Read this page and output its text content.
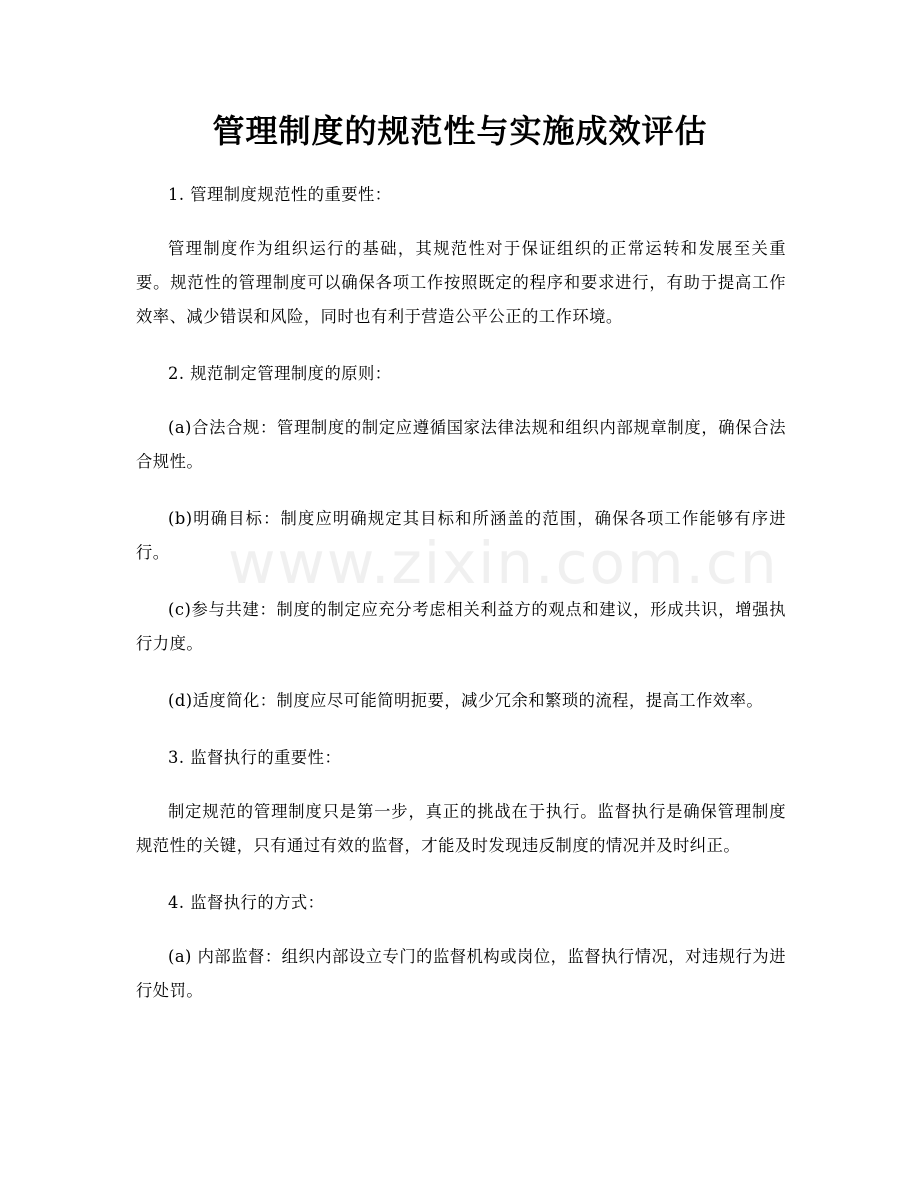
管理制度的规范性与实施成效评估
www.zixin.com.cn

1. 管理制度规范性的重要性：

管理制度作为组织运行的基础，其规范性对于保证组织的正常运转和发展至关重要。规范性的管理制度可以确保各项工作按照既定的程序和要求进行，有助于提高工作效率、减少错误和风险，同时也有利于营造公平公正的工作环境。

2. 规范制定管理制度的原则：

(a)合法合规：管理制度的制定应遵循国家法律法规和组织内部规章制度，确保合法合规性。

(b)明确目标：制度应明确规定其目标和所涵盖的范围，确保各项工作能够有序进行。

(c)参与共建：制度的制定应充分考虑相关利益方的观点和建议，形成共识，增强执行力度。

(d)适度简化：制度应尽可能简明扼要，减少冗余和繁琐的流程，提高工作效率。

3. 监督执行的重要性：

制定规范的管理制度只是第一步，真正的挑战在于执行。监督执行是确保管理制度规范性的关键，只有通过有效的监督，才能及时发现违反制度的情况并及时纠正。

4. 监督执行的方式：

(a) 内部监督：组织内部设立专门的监督机构或岗位，监督执行情况，对违规行为进行处罚。
